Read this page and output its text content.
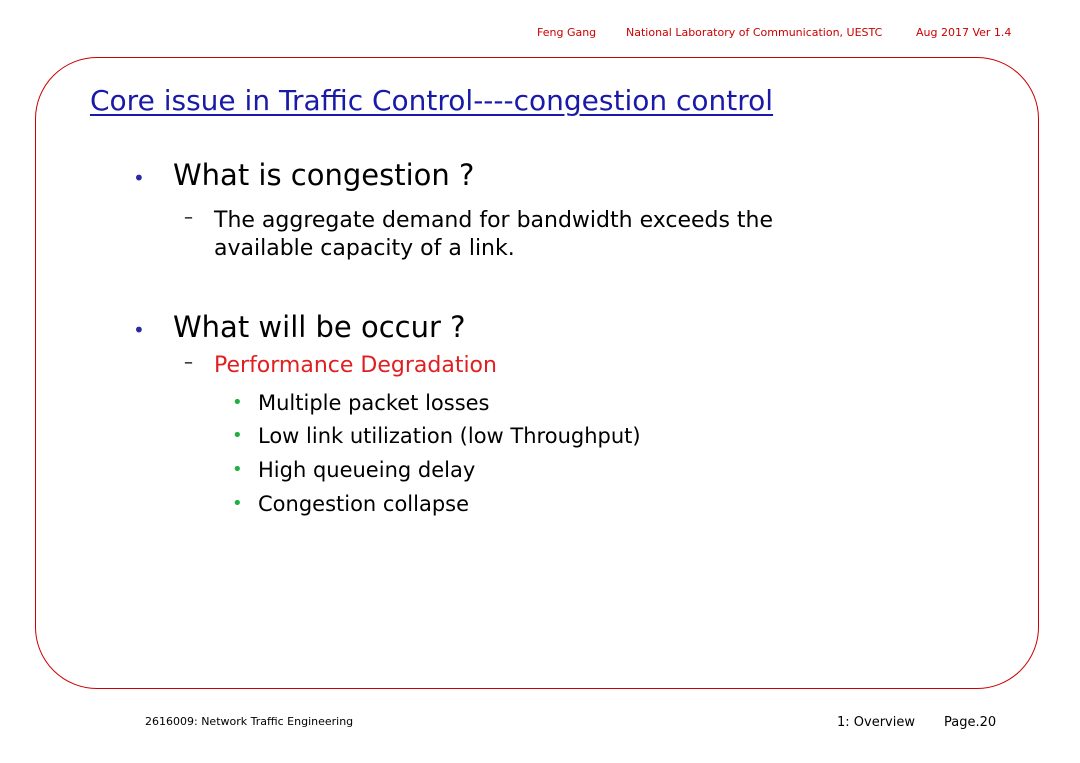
Feng Gang	National Laboratory of Communication, UESTC	Aug 2017 Ver 1.4
Core issue in Traffic Control----congestion control
• What is congestion ?
– The aggregate demand for bandwidth exceeds the
available capacity of a link.
• What will be occur ?
– Performance Degradation
• Multiple packet losses
• Low link utilization (low Throughput)
• High queueing delay
• Congestion collapse
2616009: Network Traffic Engineering	1: Overview Page.20
